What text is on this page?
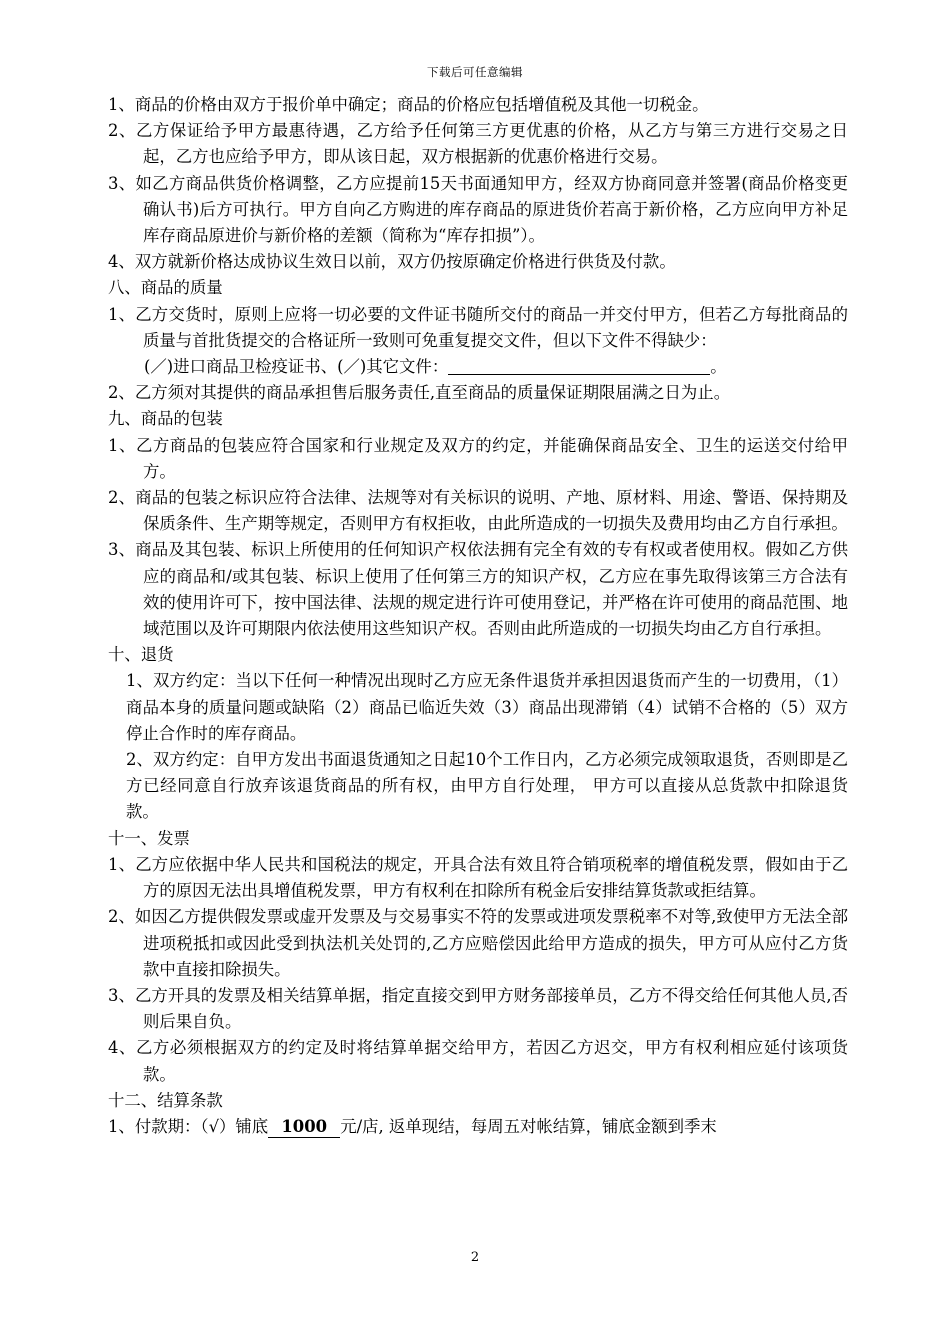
下载后可任意编辑

1、商品的价格由双方于报价单中确定；商品的价格应包括增值税及其他一切税金。

2、乙方保证给予甲方最惠待遇，乙方给予任何第三方更优惠的价格，从乙方与第三方进行交易之日起，乙方也应给予甲方，即从该日起，双方根据新的优惠价格进行交易。

3、如乙方商品供货价格调整，乙方应提前15天书面通知甲方，经双方协商同意并签署(商品价格变更确认书)后方可执行。甲方自向乙方购进的库存商品的原进货价若高于新价格，乙方应向甲方补足库存商品原进价与新价格的差额（简称为“库存扣损”）。

4、双方就新价格达成协议生效日以前，双方仍按原确定价格进行供货及付款。

八、商品的质量

1、乙方交货时，原则上应将一切必要的文件证书随所交付的商品一并交付甲方，但若乙方每批商品的质量与首批货提交的合格证所一致则可免重复提交文件，但以下文件不得缺少：

(／)进口商品卫检疫证书、(／)其它文件：	。

2、乙方须对其提供的商品承担售后服务责任,直至商品的质量保证期限届满之日为止。

九、商品的包装

1、乙方商品的包装应符合国家和行业规定及双方的约定，并能确保商品安全、卫生的运送交付给甲方。

2、商品的包装之标识应符合法律、法规等对有关标识的说明、产地、原材料、用途、警语、保持期及保质条件、生产期等规定，否则甲方有权拒收，由此所造成的一切损失及费用均由乙方自行承担。

3、商品及其包装、标识上所使用的任何知识产权依法拥有完全有效的专有权或者使用权。假如乙方供应的商品和/或其包装、标识上使用了任何第三方的知识产权，乙方应在事先取得该第三方合法有效的使用许可下，按中国法律、法规的规定进行许可使用登记，并严格在许可使用的商品范围、地域范围以及许可期限内依法使用这些知识产权。否则由此所造成的一切损失均由乙方自行承担。

十、退货

1、双方约定：当以下任何一种情况出现时乙方应无条件退货并承担因退货而产生的一切费用，（1）商品本身的质量问题或缺陷（2）商品已临近失效（3）商品出现滞销（4）试销不合格的（5）双方停止合作时的库存商品。

2、双方约定：自甲方发出书面退货通知之日起10个工作日内，乙方必须完成领取退货，否则即是乙方已经同意自行放弃该退货商品的所有权，由甲方自行处理， 甲方可以直接从总货款中扣除退货款。

十一、发票

1、乙方应依据中华人民共和国税法的规定，开具合法有效且符合销项税率的增值税发票，假如由于乙方的原因无法出具增值税发票，甲方有权利在扣除所有税金后安排结算货款或拒结算。

2、如因乙方提供假发票或虚开发票及与交易事实不符的发票或进项发票税率不对等,致使甲方无法全部进项税抵扣或因此受到执法机关处罚的,乙方应赔偿因此给甲方造成的损失，甲方可从应付乙方货款中直接扣除损失。

3、乙方开具的发票及相关结算单据，指定直接交到甲方财务部接单员，乙方不得交给任何其他人员,否则后果自负。

4、乙方必须根据双方的约定及时将结算单据交给甲方，若因乙方迟交，甲方有权利相应延付该项货款。

十二、结算条款

1、付款期：（√）铺底 1000 元/店, 返单现结，每周五对帐结算，铺底金额到季末

2
